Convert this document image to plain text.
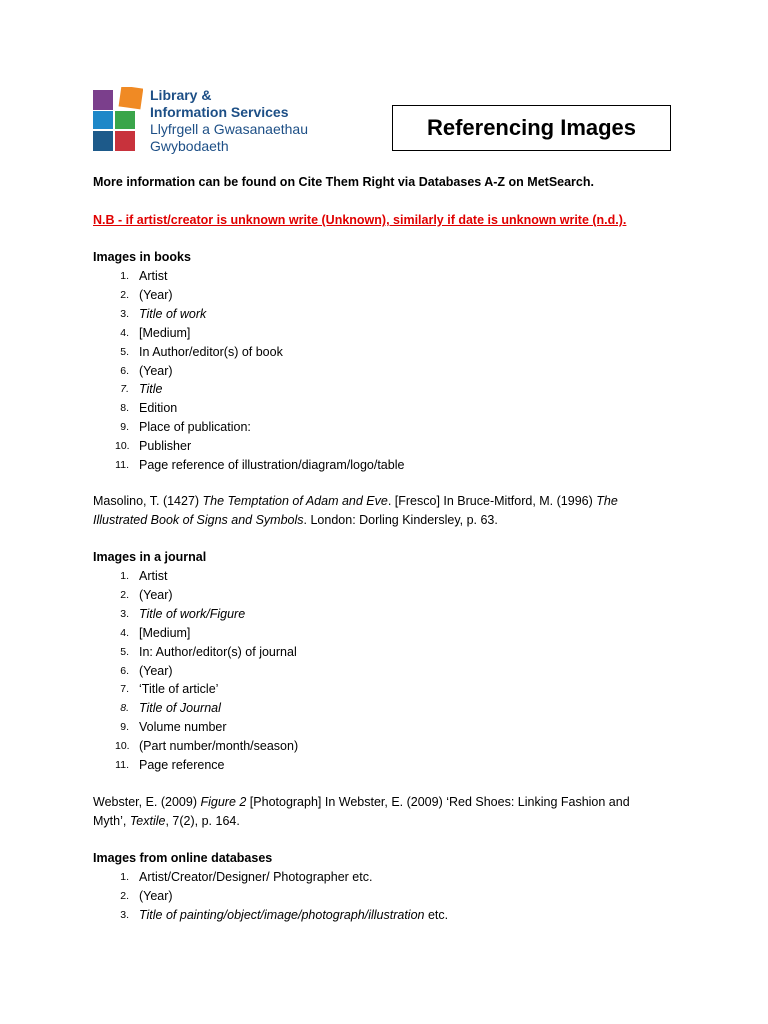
Library &
Information Services
Llyfrgell a Gwasanaethau
Gwybodaeth
Referencing Images
More information can be found on Cite Them Right via Databases A-Z on MetSearch.
N.B - if artist/creator is unknown write (Unknown), similarly if date is unknown write (n.d.).
Images in books
1. Artist
2. (Year)
3. Title of work
4. [Medium]
5. In Author/editor(s) of book
6. (Year)
7. Title
8. Edition
9. Place of publication:
10. Publisher
11. Page reference of illustration/diagram/logo/table
Masolino, T. (1427) The Temptation of Adam and Eve. [Fresco] In Bruce-Mitford, M. (1996) The Illustrated Book of Signs and Symbols. London: Dorling Kindersley, p. 63.
Images in a journal
1. Artist
2. (Year)
3. Title of work/Figure
4. [Medium]
5. In: Author/editor(s) of journal
6. (Year)
7. ‘Title of article’
8. Title of Journal
9. Volume number
10. (Part number/month/season)
11. Page reference
Webster, E. (2009) Figure 2 [Photograph] In Webster, E. (2009) ‘Red Shoes: Linking Fashion and Myth’, Textile, 7(2), p. 164.
Images from online databases
1. Artist/Creator/Designer/ Photographer etc.
2. (Year)
3. Title of painting/object/image/photograph/illustration etc.
